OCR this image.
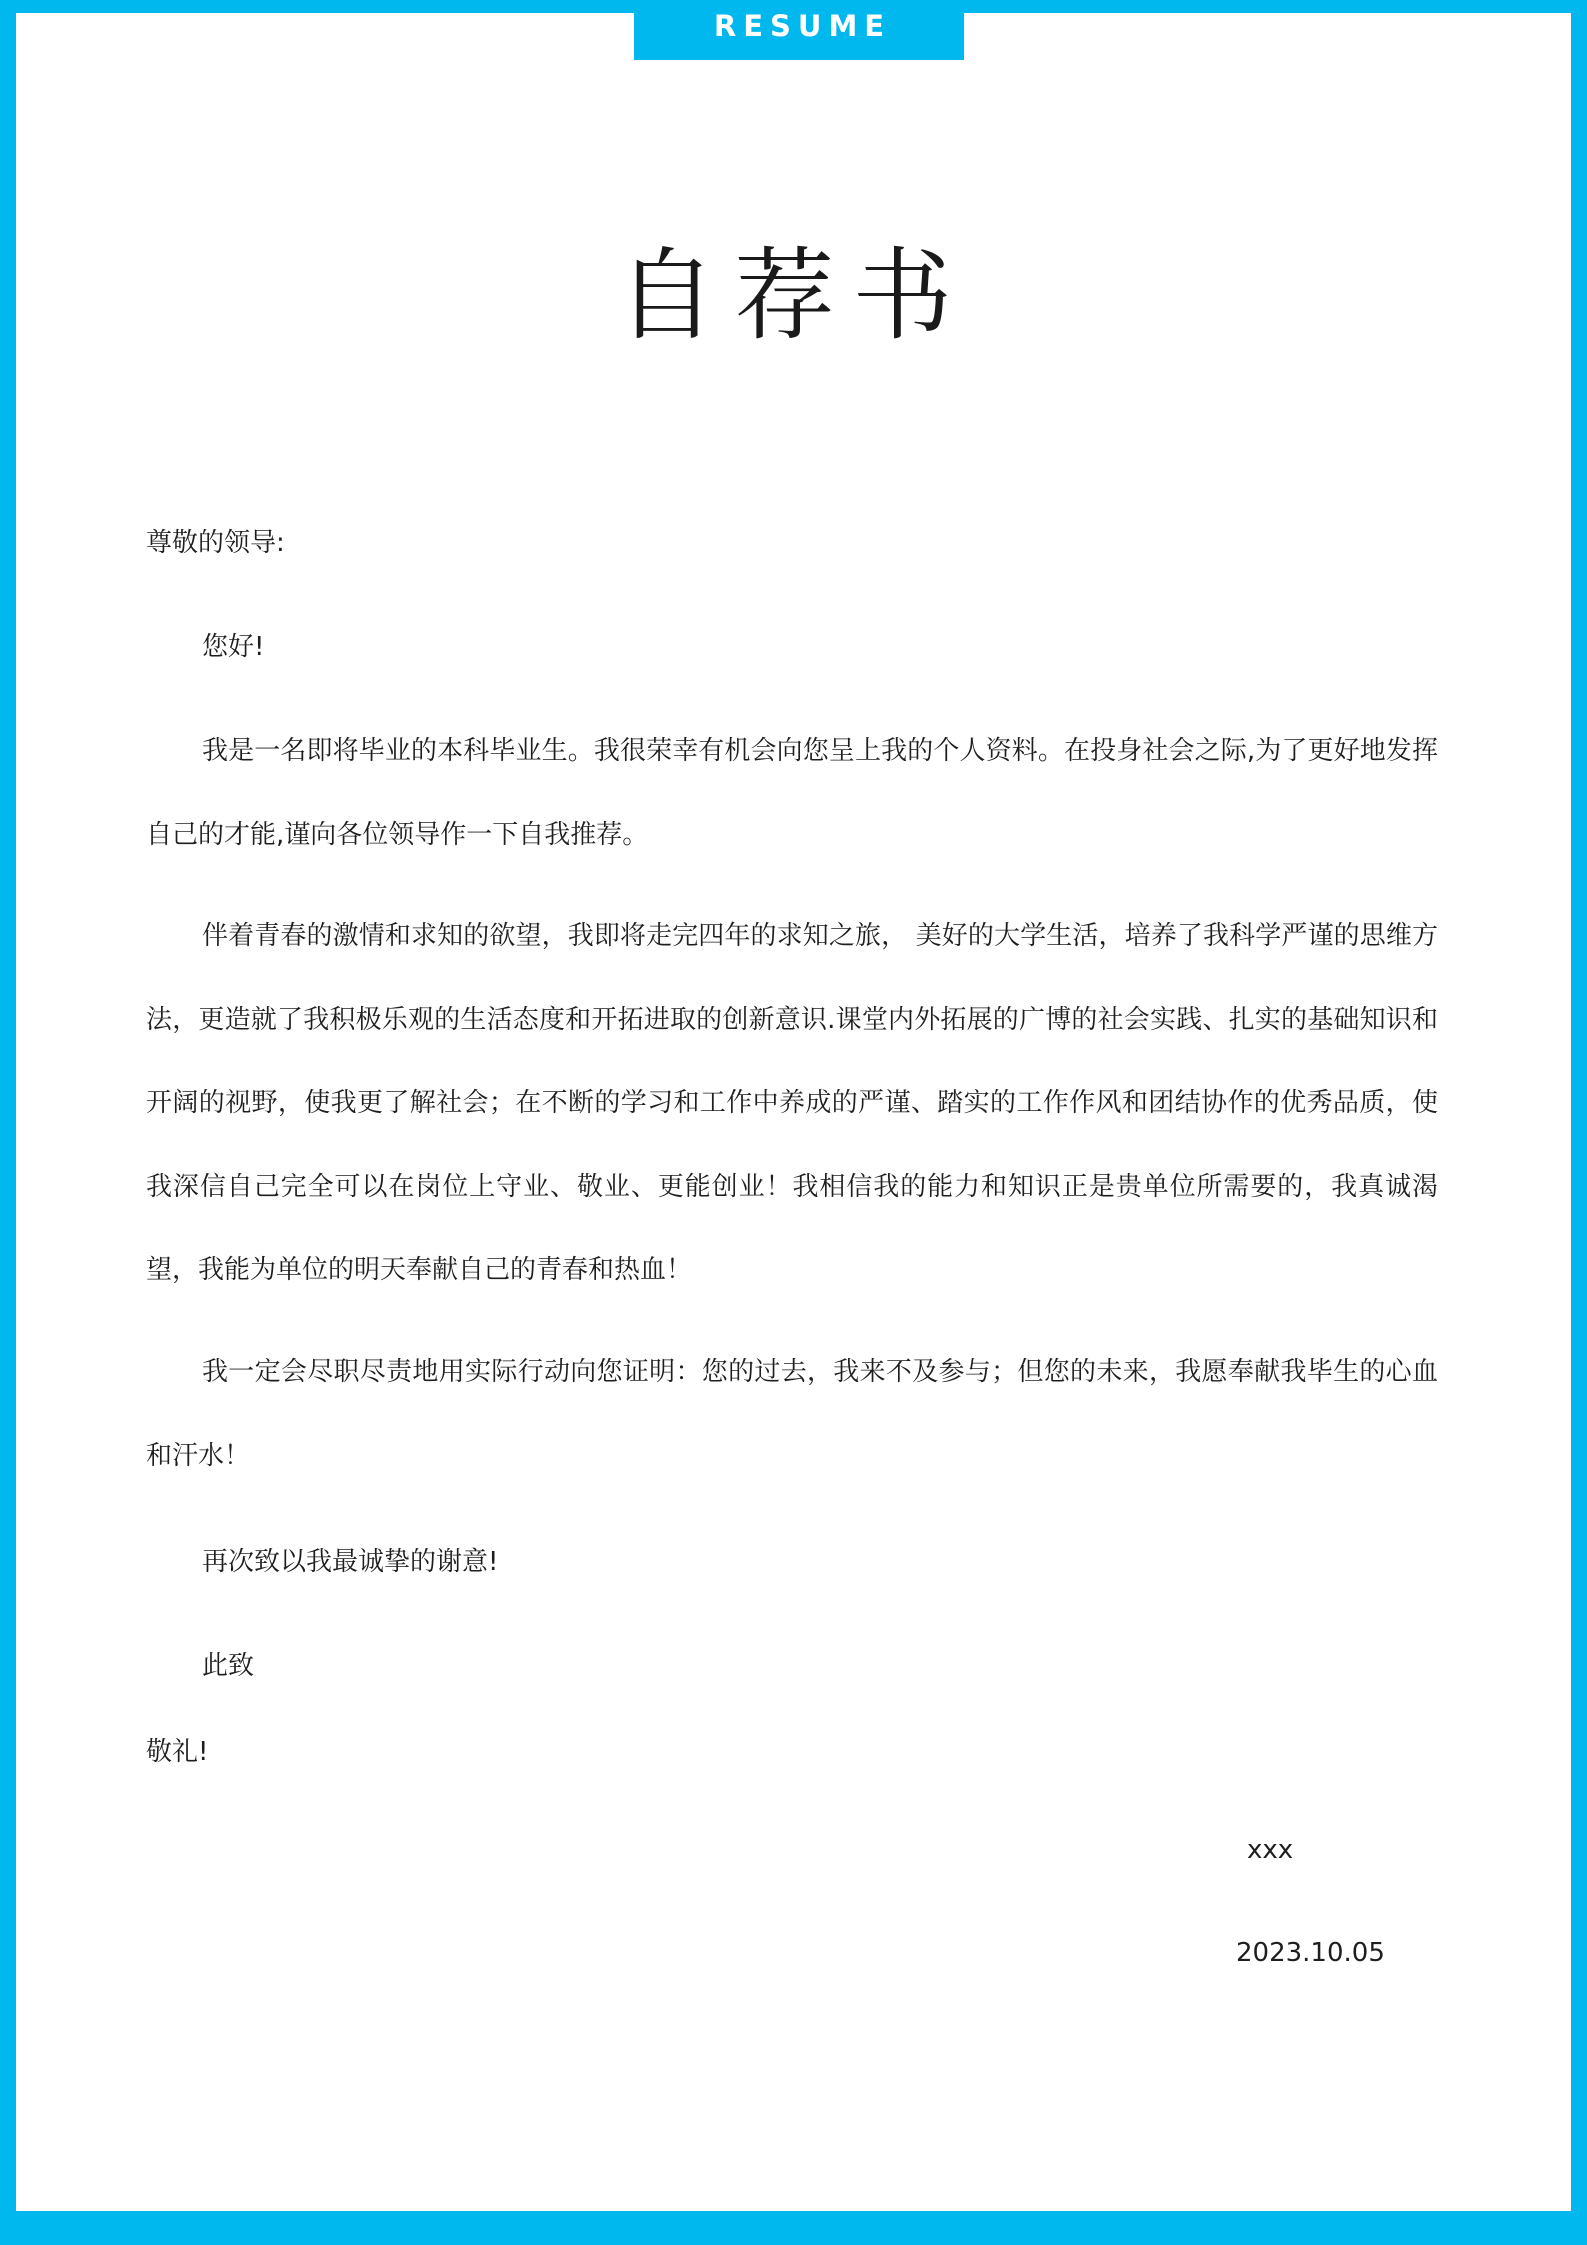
RESUME
自荐书
尊敬的领导:
您好!

我是一名即将毕业的本科毕业生。我很荣幸有机会向您呈上我的个人资料。在投身社会之际,为了更好地发挥自己的才能,谨向各位领导作一下自我推荐。

伴着青春的激情和求知的欲望，我即将走完四年的求知之旅， 美好的大学生活，培养了我科学严谨的思维方法，更造就了我积极乐观的生活态度和开拓进取的创新意识.课堂内外拓展的广博的社会实践、扎实的基础知识和开阔的视野，使我更了解社会；在不断的学习和工作中养成的严谨、踏实的工作作风和团结协作的优秀品质，使我深信自己完全可以在岗位上守业、敬业、更能创业！我相信我的能力和知识正是贵单位所需要的，我真诚渴望，我能为单位的明天奉献自己的青春和热血！

我一定会尽职尽责地用实际行动向您证明：您的过去，我来不及参与；但您的未来，我愿奉献我毕生的心血和汗水！

再次致以我最诚挚的谢意!
此致
敬礼!
xxx
2023.10.05
